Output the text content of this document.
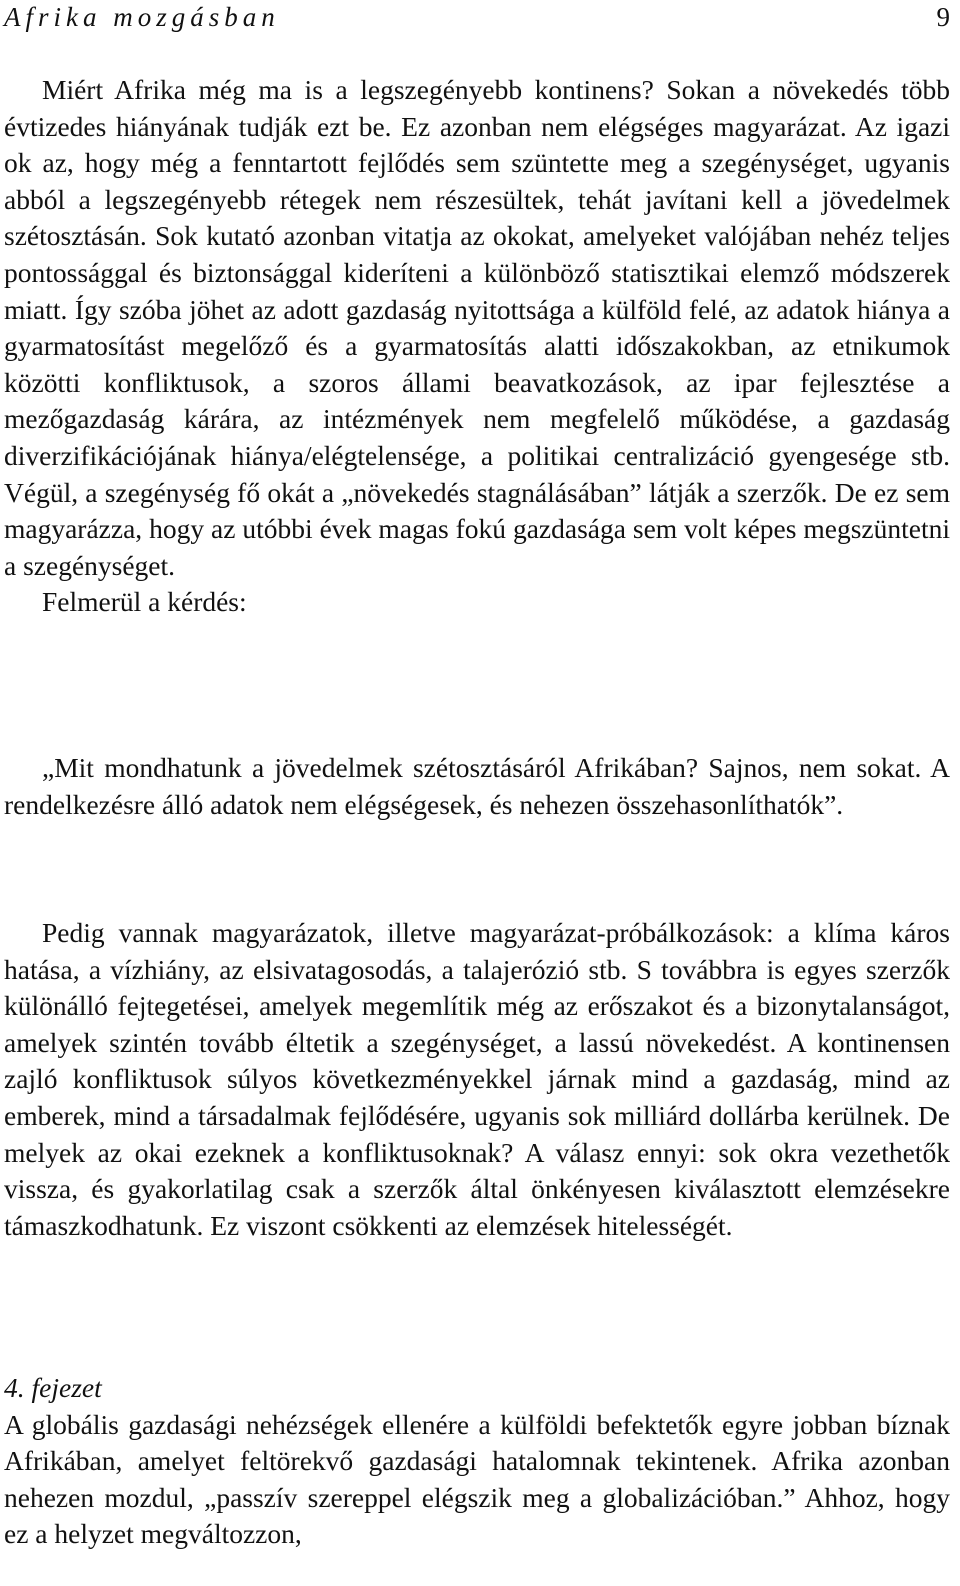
Afrika mozgásban	9

Miért Afrika még ma is a legszegényebb kontinens? Sokan a növekedés több évtizedes hiányának tudják ezt be. Ez azonban nem elégséges magyarázat. Az igazi ok az, hogy még a fenntartott fejlődés sem szüntette meg a szegénységet, ugyanis abból a legszegényebb rétegek nem részesültek, tehát javítani kell a jövedelmek szétosztásán. Sok kutató azonban vitatja az okokat, amelyeket valójában nehéz teljes pontossággal és biztonsággal kideríteni a különböző statisztikai elemző módszerek miatt. Így szóba jöhet az adott gazdaság nyitottsága a külföld felé, az adatok hiánya a gyarmatosítást megelőző és a gyarmatosítás alatti időszakokban, az etnikumok közötti konfliktusok, a szoros állami beavatkozások, az ipar fejlesztése a mezőgazdaság kárára, az intézmények nem megfelelő működése, a gazdaság diverzifikációjának hiánya/elégtelensége, a politikai centralizáció gyengesége stb. Végül, a szegénység fő okát a „növekedés stagnálásában” látják a szerzők. De ez sem magyarázza, hogy az utóbbi évek magas fokú gazdasága sem volt képes megszüntetni a szegénységet.

Felmerül a kérdés:

„Mit mondhatunk a jövedelmek szétosztásáról Afrikában? Sajnos, nem sokat. A rendelkezésre álló adatok nem elégségesek, és nehezen összehasonlíthatók”.

Pedig vannak magyarázatok, illetve magyarázat-próbálkozások: a klíma káros hatása, a vízhiány, az elsivatagosodás, a talajerózió stb. S továbbra is egyes szerzők különálló fejtegetései, amelyek megemlítik még az erőszakot és a bizonytalanságot, amelyek szintén tovább éltetik a szegénységet, a lassú növekedést. A kontinensen zajló konfliktusok súlyos következményekkel járnak mind a gazdaság, mind az emberek, mind a társadalmak fejlődésére, ugyanis sok milliárd dollárba kerülnek. De melyek az okai ezeknek a konfliktusoknak? A válasz ennyi: sok okra vezethetők vissza, és gyakorlatilag csak a szerzők által önkényesen kiválasztott elemzésekre támaszkodhatunk. Ez viszont csökkenti az elemzések hitelességét.

4. fejezet

A globális gazdasági nehézségek ellenére a külföldi befektetők egyre jobban bíznak Afrikában, amelyet feltörekvő gazdasági hatalomnak tekintenek. Afrika azonban nehezen mozdul, „passzív szereppel elégszik meg a globalizációban.” Ahhoz, hogy ez a helyzet megváltozzon,
